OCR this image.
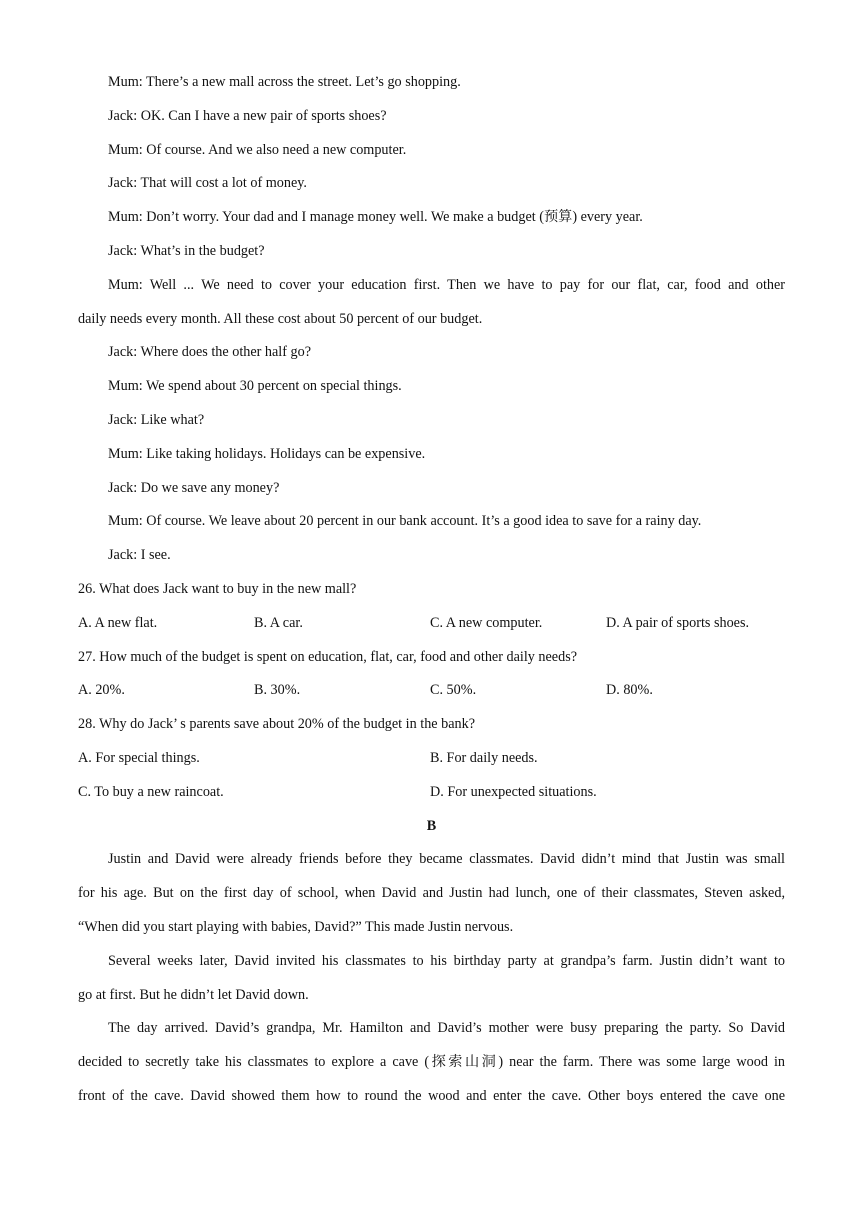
Mum: There’s a new mall across the street. Let’s go shopping.
Jack: OK. Can I have a new pair of sports shoes?
Mum: Of course. And we also need a new computer.
Jack: That will cost a lot of money.
Mum: Don’t worry. Your dad and I manage money well. We make a budget (预算) every year.
Jack: What’s in the budget?
Mum: Well ... We need to cover your education first. Then we have to pay for our flat, car, food and other
daily needs every month. All these cost about 50 percent of our budget.
Jack: Where does the other half go?
Mum: We spend about 30 percent on special things.
Jack: Like what?
Mum: Like taking holidays. Holidays can be expensive.
Jack: Do we save any money?
Mum: Of course. We leave about 20 percent in our bank account. It’s a good idea to save for a rainy day.
Jack: I see.
26. What does Jack want to buy in the new mall?
A. A new flat.	B. A car.	C. A new computer.	D. A pair of sports shoes.
27. How much of the budget is spent on education, flat, car, food and other daily needs?
A. 20%.	B. 30%.	C. 50%.	D. 80%.
28. Why do Jack’ s parents save about 20% of the budget in the bank?
A. For special things.	B. For daily needs.
C. To buy a new raincoat.	D. For unexpected situations.
B
Justin and David were already friends before they became classmates. David didn’t mind that Justin was small
for his age. But on the first day of school, when David and Justin had lunch, one of their classmates, Steven asked,
“When did you start playing with babies, David?” This made Justin nervous.
Several weeks later, David invited his classmates to his birthday party at grandpa’s farm. Justin didn’t want to
go at first. But he didn’t let David down.
The day arrived. David’s grandpa, Mr. Hamilton and David’s mother were busy preparing the party. So David
decided to secretly take his classmates to explore a cave (探索山洞) near the farm. There was some large wood in
front of the cave. David showed them how to round the wood and enter the cave. Other boys entered the cave one
